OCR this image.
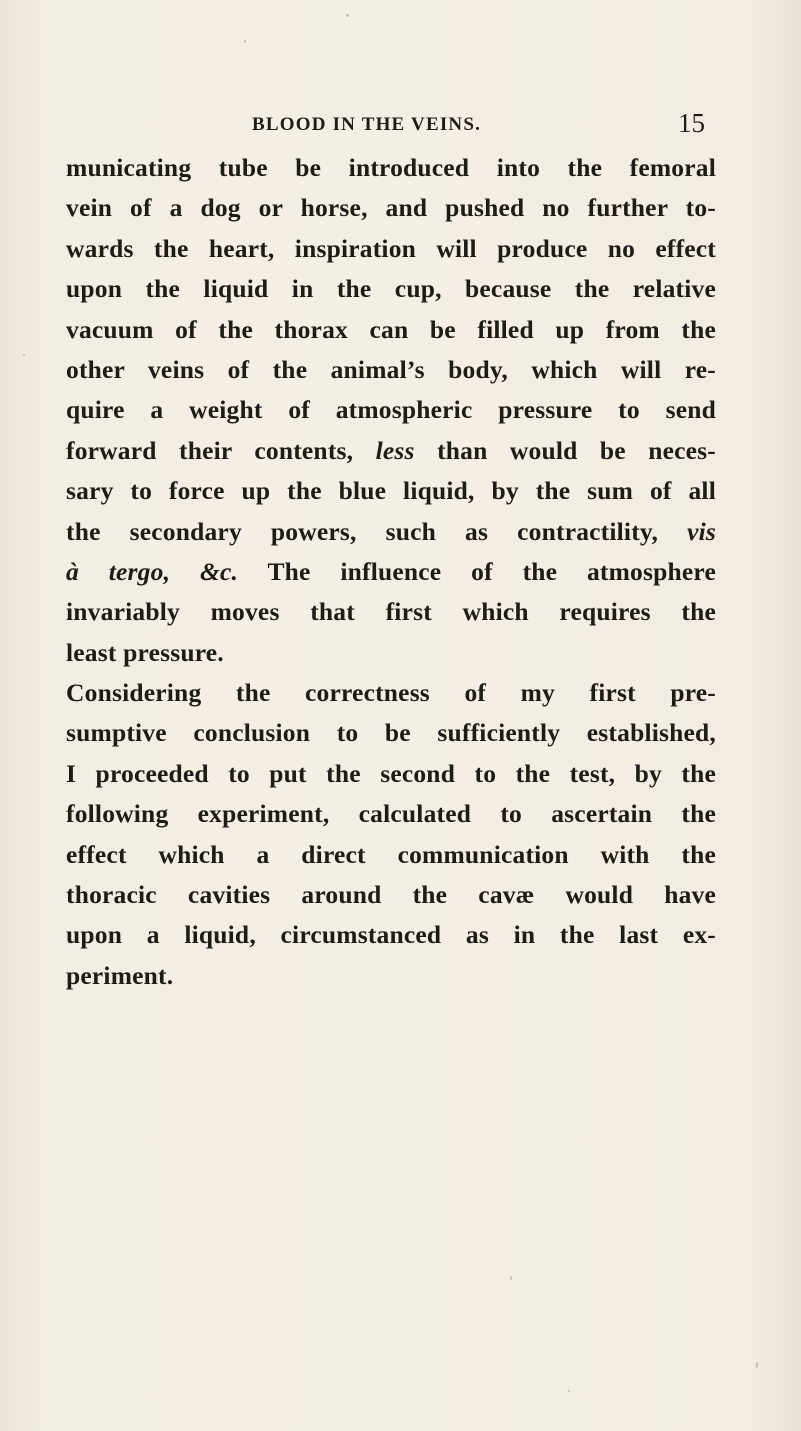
BLOOD IN THE VEINS.	15
municating tube be introduced into the femoral
vein of a dog or horse, and pushed no further to-
wards the heart, inspiration will produce no effect
upon the liquid in the cup, because the relative
vacuum of the thorax can be filled up from the
other veins of the animal’s body, which will re-
quire a weight of atmospheric pressure to send
forward their contents, less than would be neces-
sary to force up the blue liquid, by the sum of all
the secondary powers, such as contractility, vis
à tergo, &c. The influence of the atmosphere
invariably moves that first which requires the
least pressure.
Considering the correctness of my first pre-
sumptive conclusion to be sufficiently established,
I proceeded to put the second to the test, by the
following experiment, calculated to ascertain the
effect which a direct communication with the
thoracic cavities around the cavæ would have
upon a liquid, circumstanced as in the last ex-
periment.
